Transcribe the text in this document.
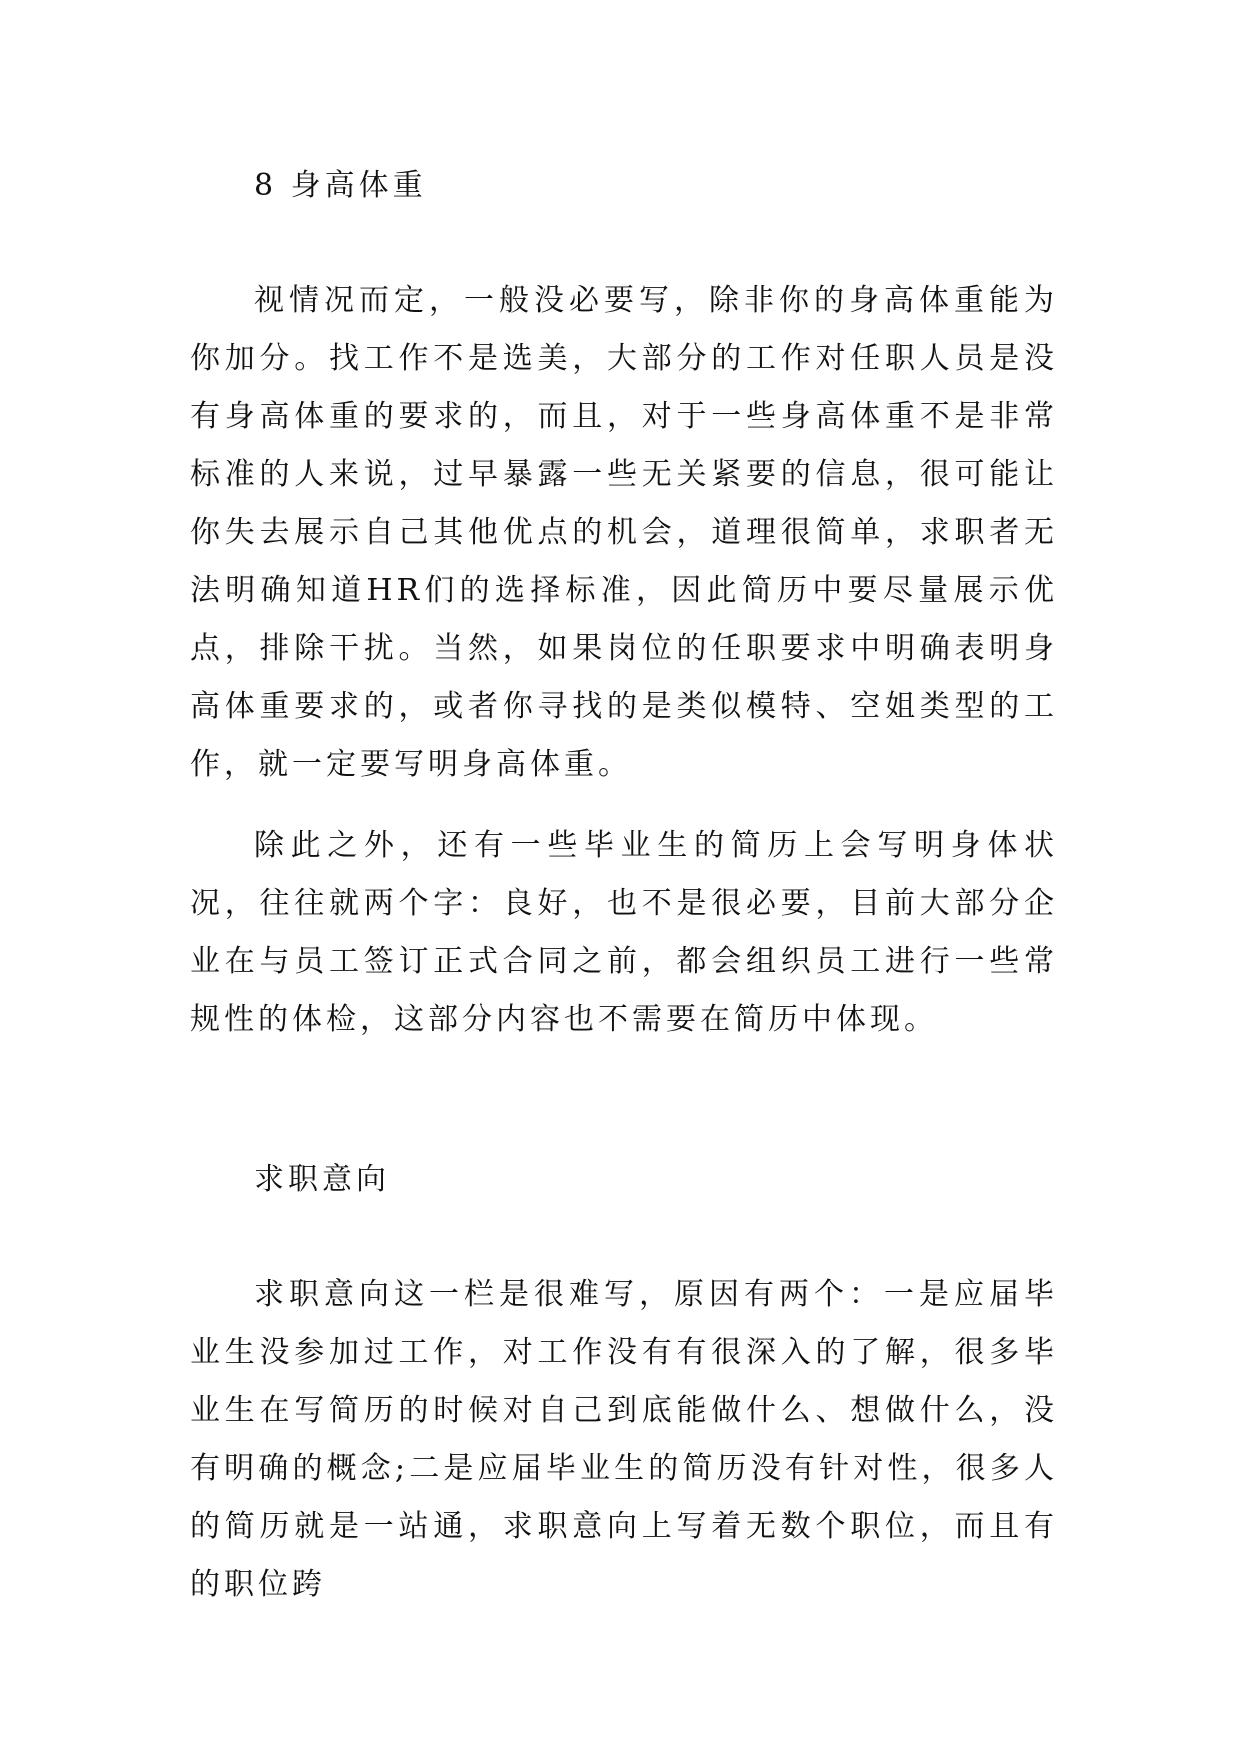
8 身高体重

视情况而定，一般没必要写，除非你的身高体重能为你加分。找工作不是选美，大部分的工作对任职人员是没有身高体重的要求的，而且，对于一些身高体重不是非常标准的人来说，过早暴露一些无关紧要的信息，很可能让你失去展示自己其他优点的机会，道理很简单，求职者无法明确知道HR们的选择标准，因此简历中要尽量展示优点，排除干扰。当然，如果岗位的任职要求中明确表明身高体重要求的，或者你寻找的是类似模特、空姐类型的工作，就一定要写明身高体重。

除此之外，还有一些毕业生的简历上会写明身体状况，往往就两个字：良好，也不是很必要，目前大部分企业在与员工签订正式合同之前，都会组织员工进行一些常规性的体检，这部分内容也不需要在简历中体现。

求职意向

求职意向这一栏是很难写，原因有两个：一是应届毕业生没参加过工作，对工作没有有很深入的了解，很多毕业生在写简历的时候对自己到底能做什么、想做什么，没有明确的概念;二是应届毕业生的简历没有针对性，很多人的简历就是一站通，求职意向上写着无数个职位，而且有的职位跨
